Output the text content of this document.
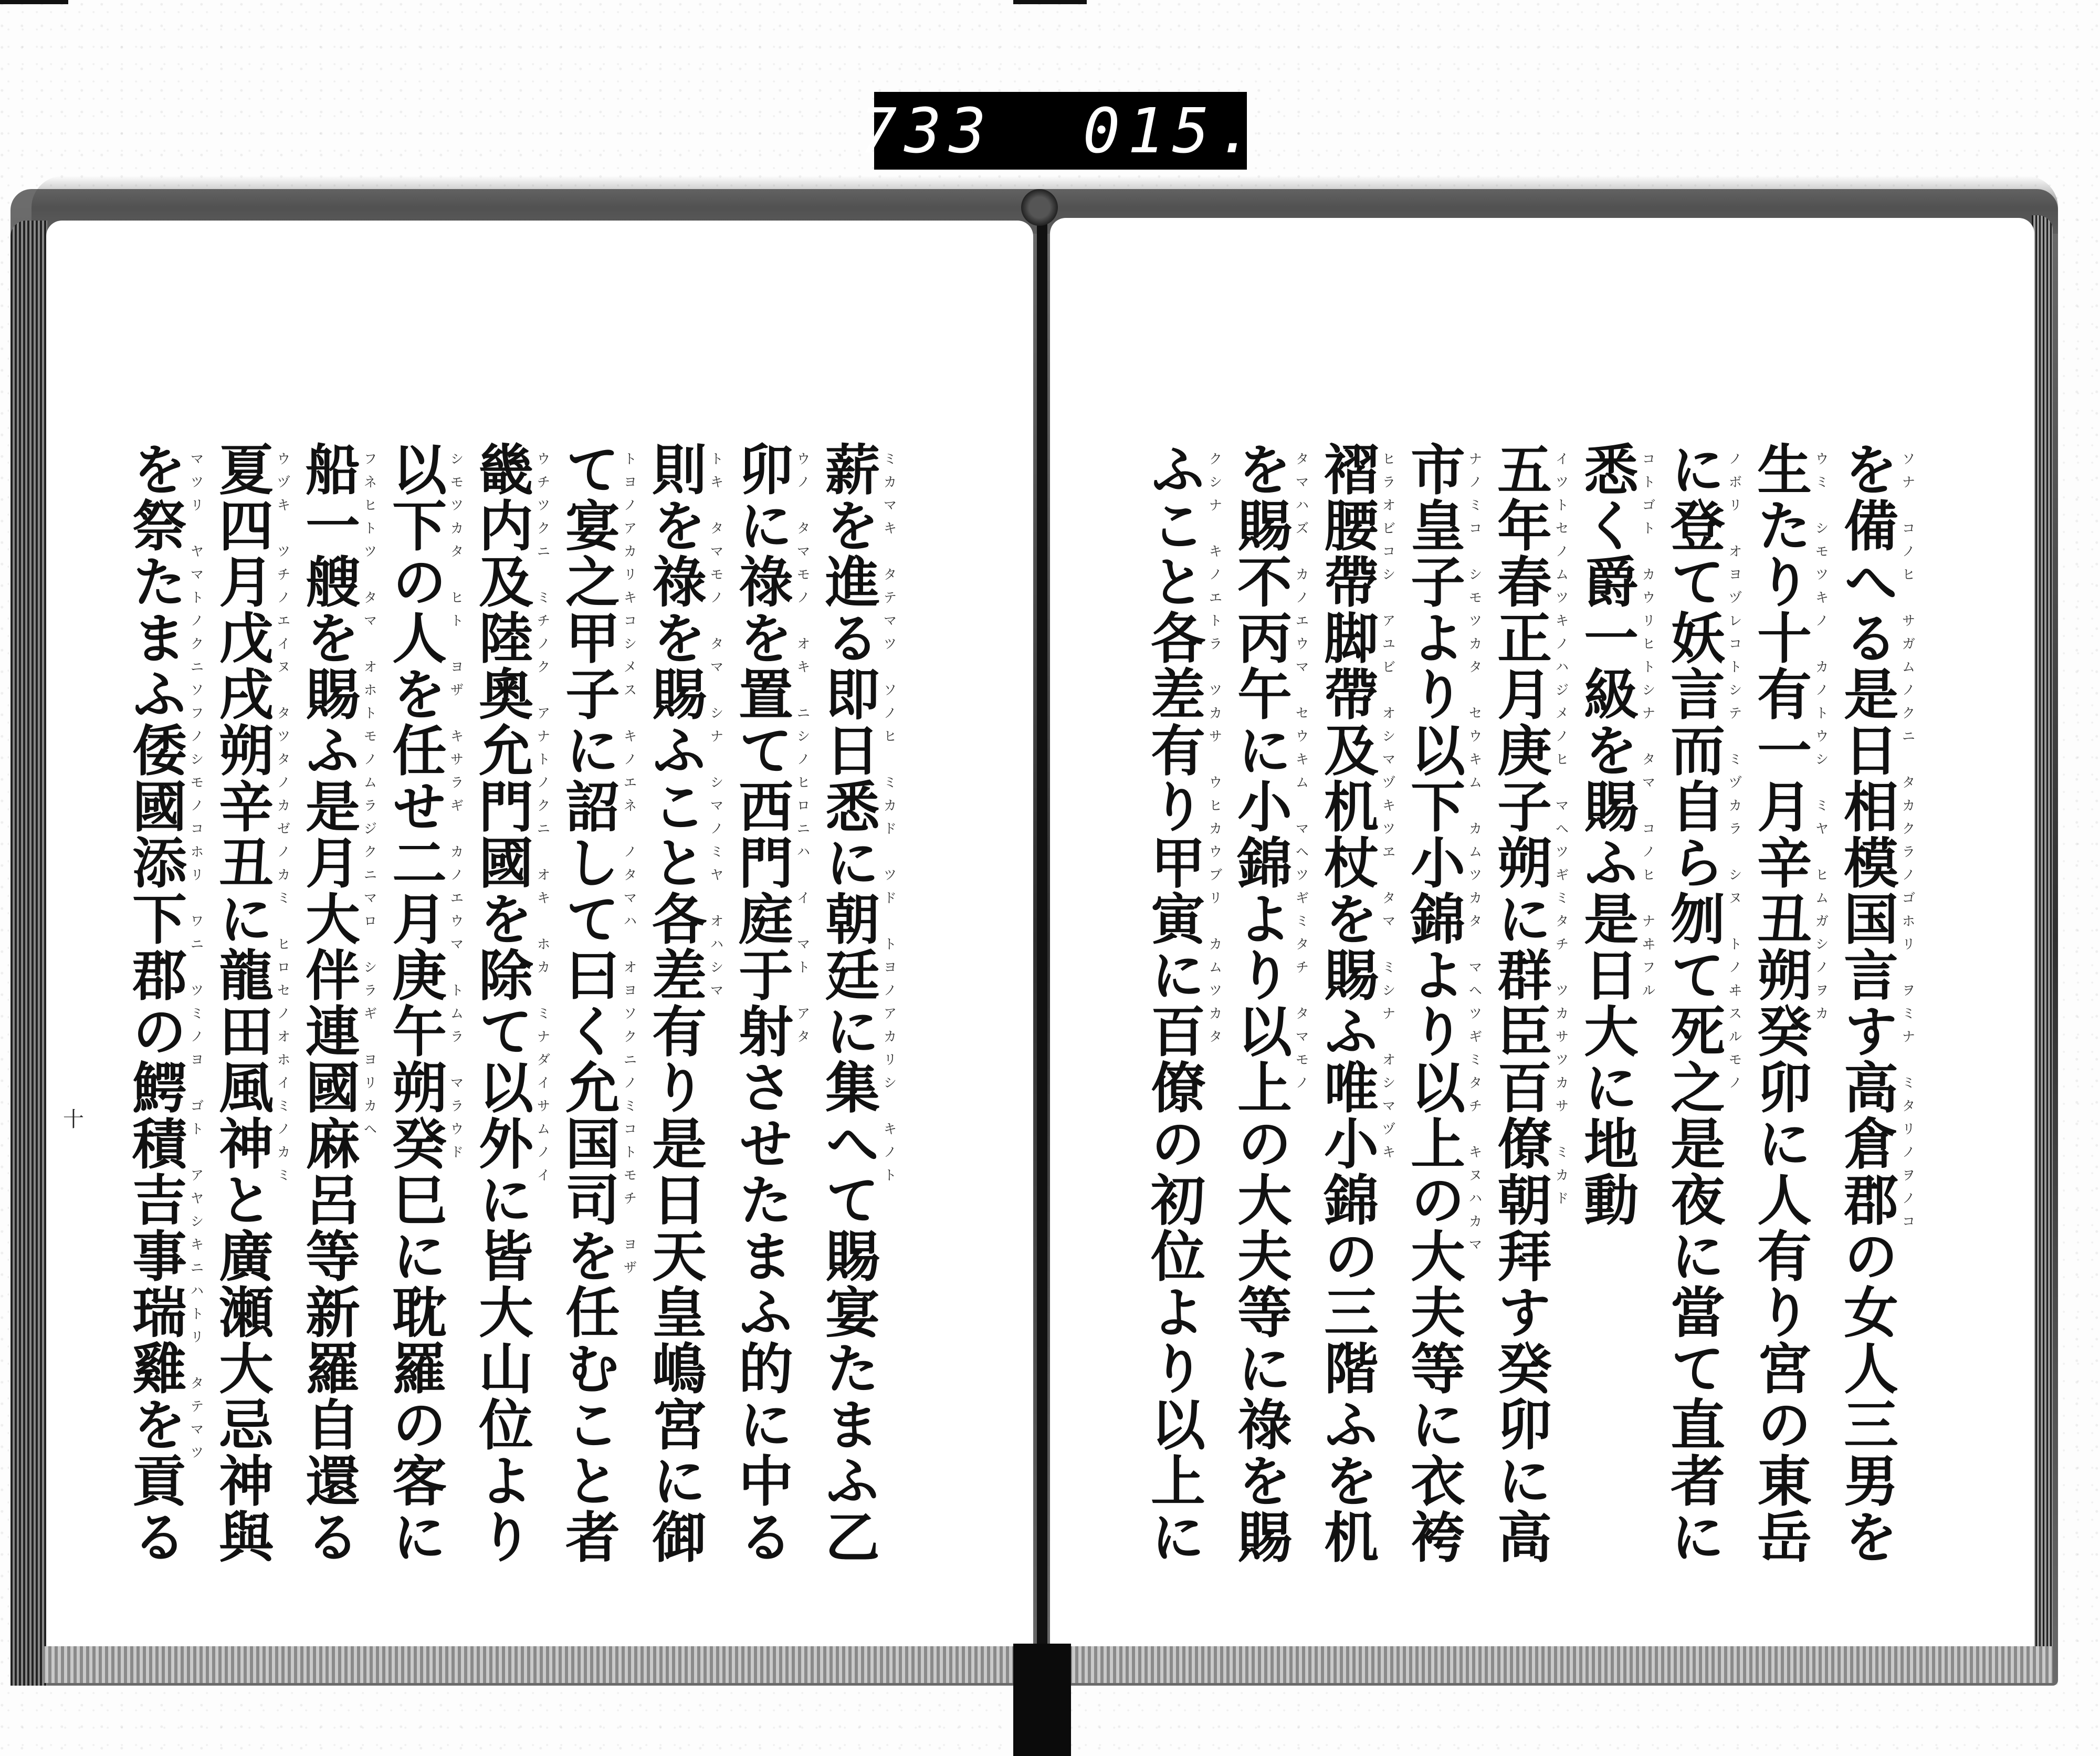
733  015.
十	を備へる是日相模国言す高倉郡の女人三男を ソナ　コノヒ　サガムノクニ　タカクラノゴホリ　ヲミナ　ミタリノヲノコ
生たり十有一月辛丑朔癸卯に人有り宮の東岳 ウミ　シモツキノ　カノトウシ　ミヤ　ヒムガシノヲカ
に登て妖言而自ら刎て死之是夜に當て直者に ノボリ　オヨヅレコトシテ　ミヅカラ　シヌ　トノヰスルモノ
悉く爵一級を賜ふ是日大に地動 コトゴト　カウリヒトシナ　タマ　コノヒ　ナヰフル
五年春正月庚子朔に群臣百僚朝拜す癸卯に高 イツトセノムツキノハジメノヒ　マヘツギミタチ　ツカサツカサ　ミカド
市皇子より以下小錦より以上の大夫等に衣袴 ナノミコ　シモツカタ　セウキム　カムツカタ　マヘツギミタチ　キヌハカマ
褶腰帶脚帶及机杖を賜ふ唯小錦の三階ふを机 ヒラオビコシ　アユビ　オシマヅキツヱ　タマ　ミシナ　オシマヅキ
を賜不丙午に小錦より以上の大夫等に祿を賜 タマハズ　カノエウマ　セウキム　マヘツギミタチ　タマモノ
ふこと各差有り甲寅に百僚の初位より以上に クシナ　キノエトラ　ツカサ　ウヒカウブリ　カムツカタ
薪を進る即日悉に朝廷に集へて賜宴たまふ乙 ミカマキ　タテマツ　ソノヒ　ミカド　ツド　トヨノアカリシ　キノト
卯に祿を置て西門庭于射させたまふ的に中る ウノ　タマモノ　オキ　ニシノヒロニハ　イ　マト　アタ
則を祿を賜ふこと各差有り是日天皇嶋宮に御 トキ　タマモノ　タマ　シナ　シマノミヤ　オハシマ
て宴之甲子に詔して曰く允国司を任むこと者 トヨノアカリキコシメス　キノエネ　ノタマハ　オヨソクニノミコトモチ　ヨザ
畿内及陸奧允門國を除て以外に皆大山位より ウチツクニ　ミチノク　アナトノクニ　オキ　ホカ　ミナダイサムノイ
以下の人を任せ二月庚午朔癸巳に耽羅の客に シモツカタ　ヒト　ヨザ　キサラギ　カノエウマ　トムラ　マラウド
船一艘を賜ふ是月大伴連國麻呂等新羅自還る フネヒトツ　タマ　オホトモノムラジクニマロ　シラギ　ヨリカヘ
夏四月戊戌朔辛丑に龍田風神と廣瀬大忌神與 ウヅキ　ツチノエイヌ　タツタノカゼノカミ　ヒロセノオホイミノカミ
を祭たまふ倭國添下郡の鰐積吉事瑞雞を貢る マツリ　ヤマトノクニソフノシモノコホリ　ワニ　ツミノヨ　ゴト　アヤシキニハトリ　タテマツ
